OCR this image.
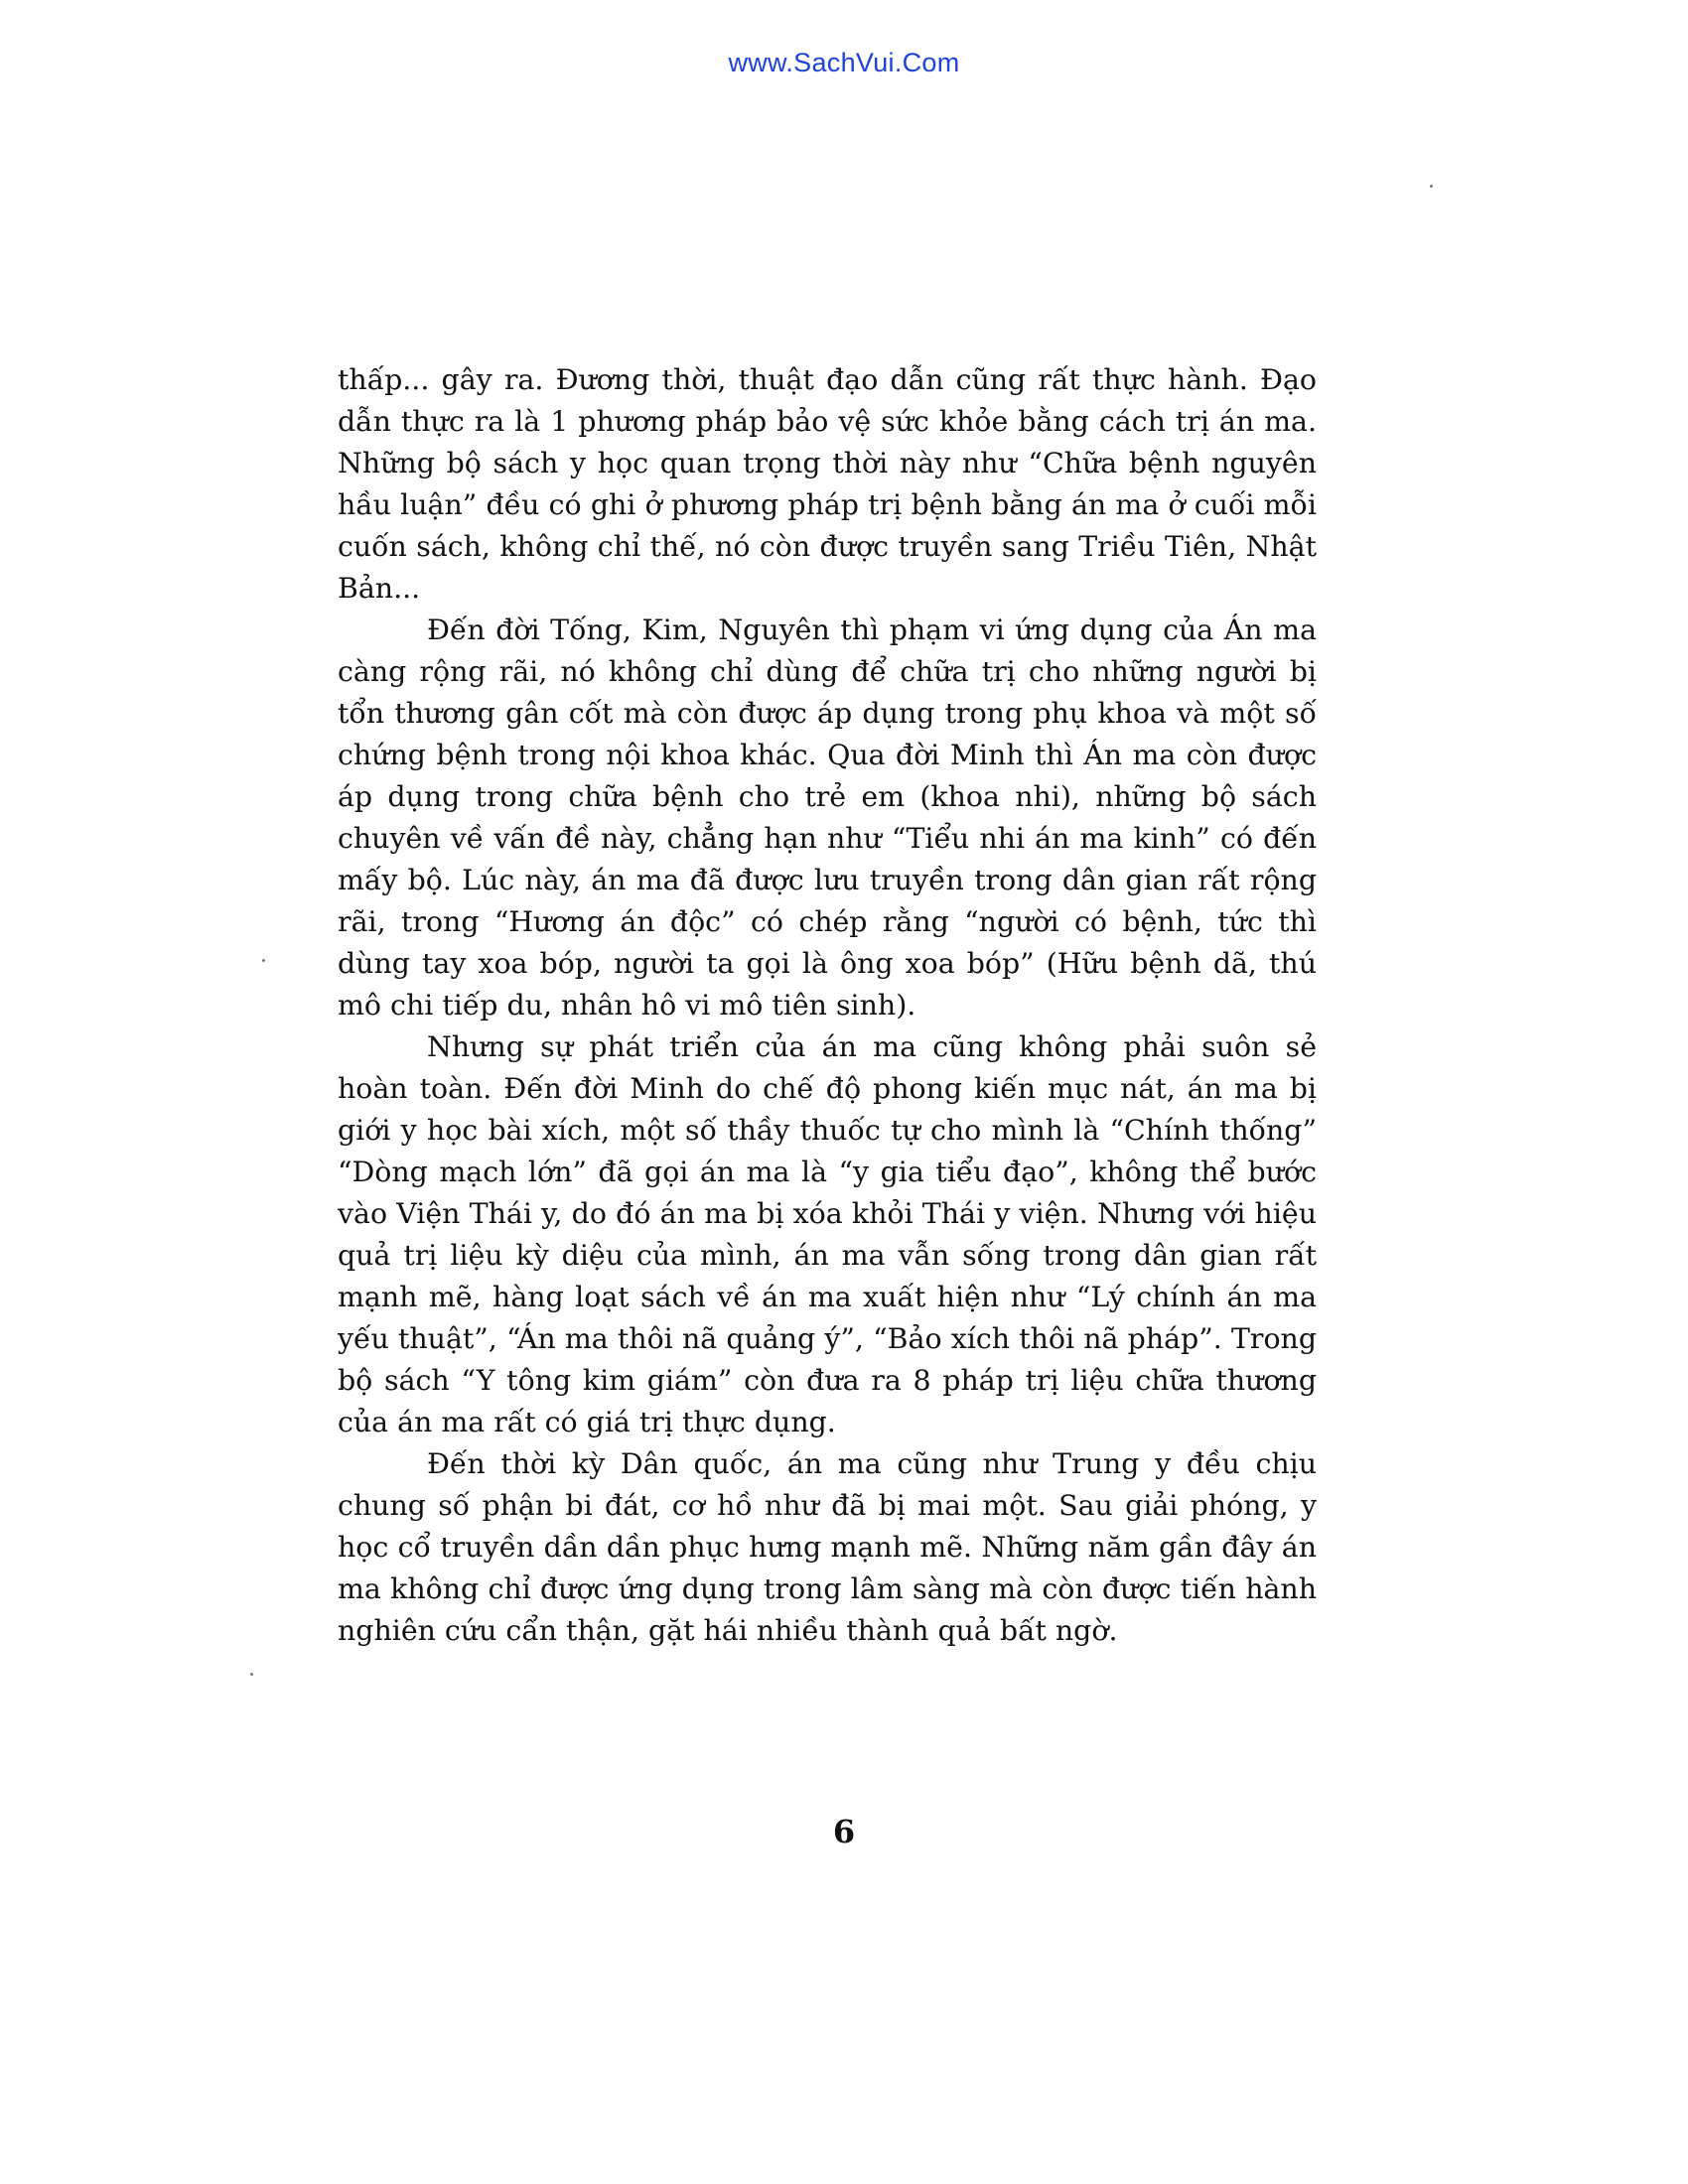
www.SachVui.Com

thấp... gây ra. Đương thời, thuật đạo dẫn cũng rất thực hành. Đạo dẫn thực ra là 1 phương pháp bảo vệ sức khỏe bằng cách trị án ma. Những bộ sách y học quan trọng thời này như “Chữa bệnh nguyên hầu luận” đều có ghi ở phương pháp trị bệnh bằng án ma ở cuối mỗi cuốn sách, không chỉ thế, nó còn được truyền sang Triều Tiên, Nhật Bản...

Đến đời Tống, Kim, Nguyên thì phạm vi ứng dụng của Án ma càng rộng rãi, nó không chỉ dùng để chữa trị cho những người bị tổn thương gân cốt mà còn được áp dụng trong phụ khoa và một số chứng bệnh trong nội khoa khác. Qua đời Minh thì Án ma còn được áp dụng trong chữa bệnh cho trẻ em (khoa nhi), những bộ sách chuyên về vấn đề này, chẳng hạn như “Tiểu nhi án ma kinh” có đến mấy bộ. Lúc này, án ma đã được lưu truyền trong dân gian rất rộng rãi, trong “Hương án độc” có chép rằng “người có bệnh, tức thì dùng tay xoa bóp, người ta gọi là ông xoa bóp” (Hữu bệnh dã, thú mô chi tiếp du, nhân hô vi mô tiên sinh).

Nhưng sự phát triển của án ma cũng không phải suôn sẻ hoàn toàn. Đến đời Minh do chế độ phong kiến mục nát, án ma bị giới y học bài xích, một số thầy thuốc tự cho mình là “Chính thống” “Dòng mạch lớn” đã gọi án ma là “y gia tiểu đạo”, không thể bước vào Viện Thái y, do đó án ma bị xóa khỏi Thái y viện. Nhưng với hiệu quả trị liệu kỳ diệu của mình, án ma vẫn sống trong dân gian rất mạnh mẽ, hàng loạt sách về án ma xuất hiện như “Lý chính án ma yếu thuật”, “Án ma thôi nã quảng ý”, “Bảo xích thôi nã pháp”. Trong bộ sách “Y tông kim giám” còn đưa ra 8 pháp trị liệu chữa thương của án ma rất có giá trị thực dụng.

Đến thời kỳ Dân quốc, án ma cũng như Trung y đều chịu chung số phận bi đát, cơ hồ như đã bị mai một. Sau giải phóng, y học cổ truyền dần dần phục hưng mạnh mẽ. Những năm gần đây án ma không chỉ được ứng dụng trong lâm sàng mà còn được tiến hành nghiên cứu cẩn thận, gặt hái nhiều thành quả bất ngờ.

6
